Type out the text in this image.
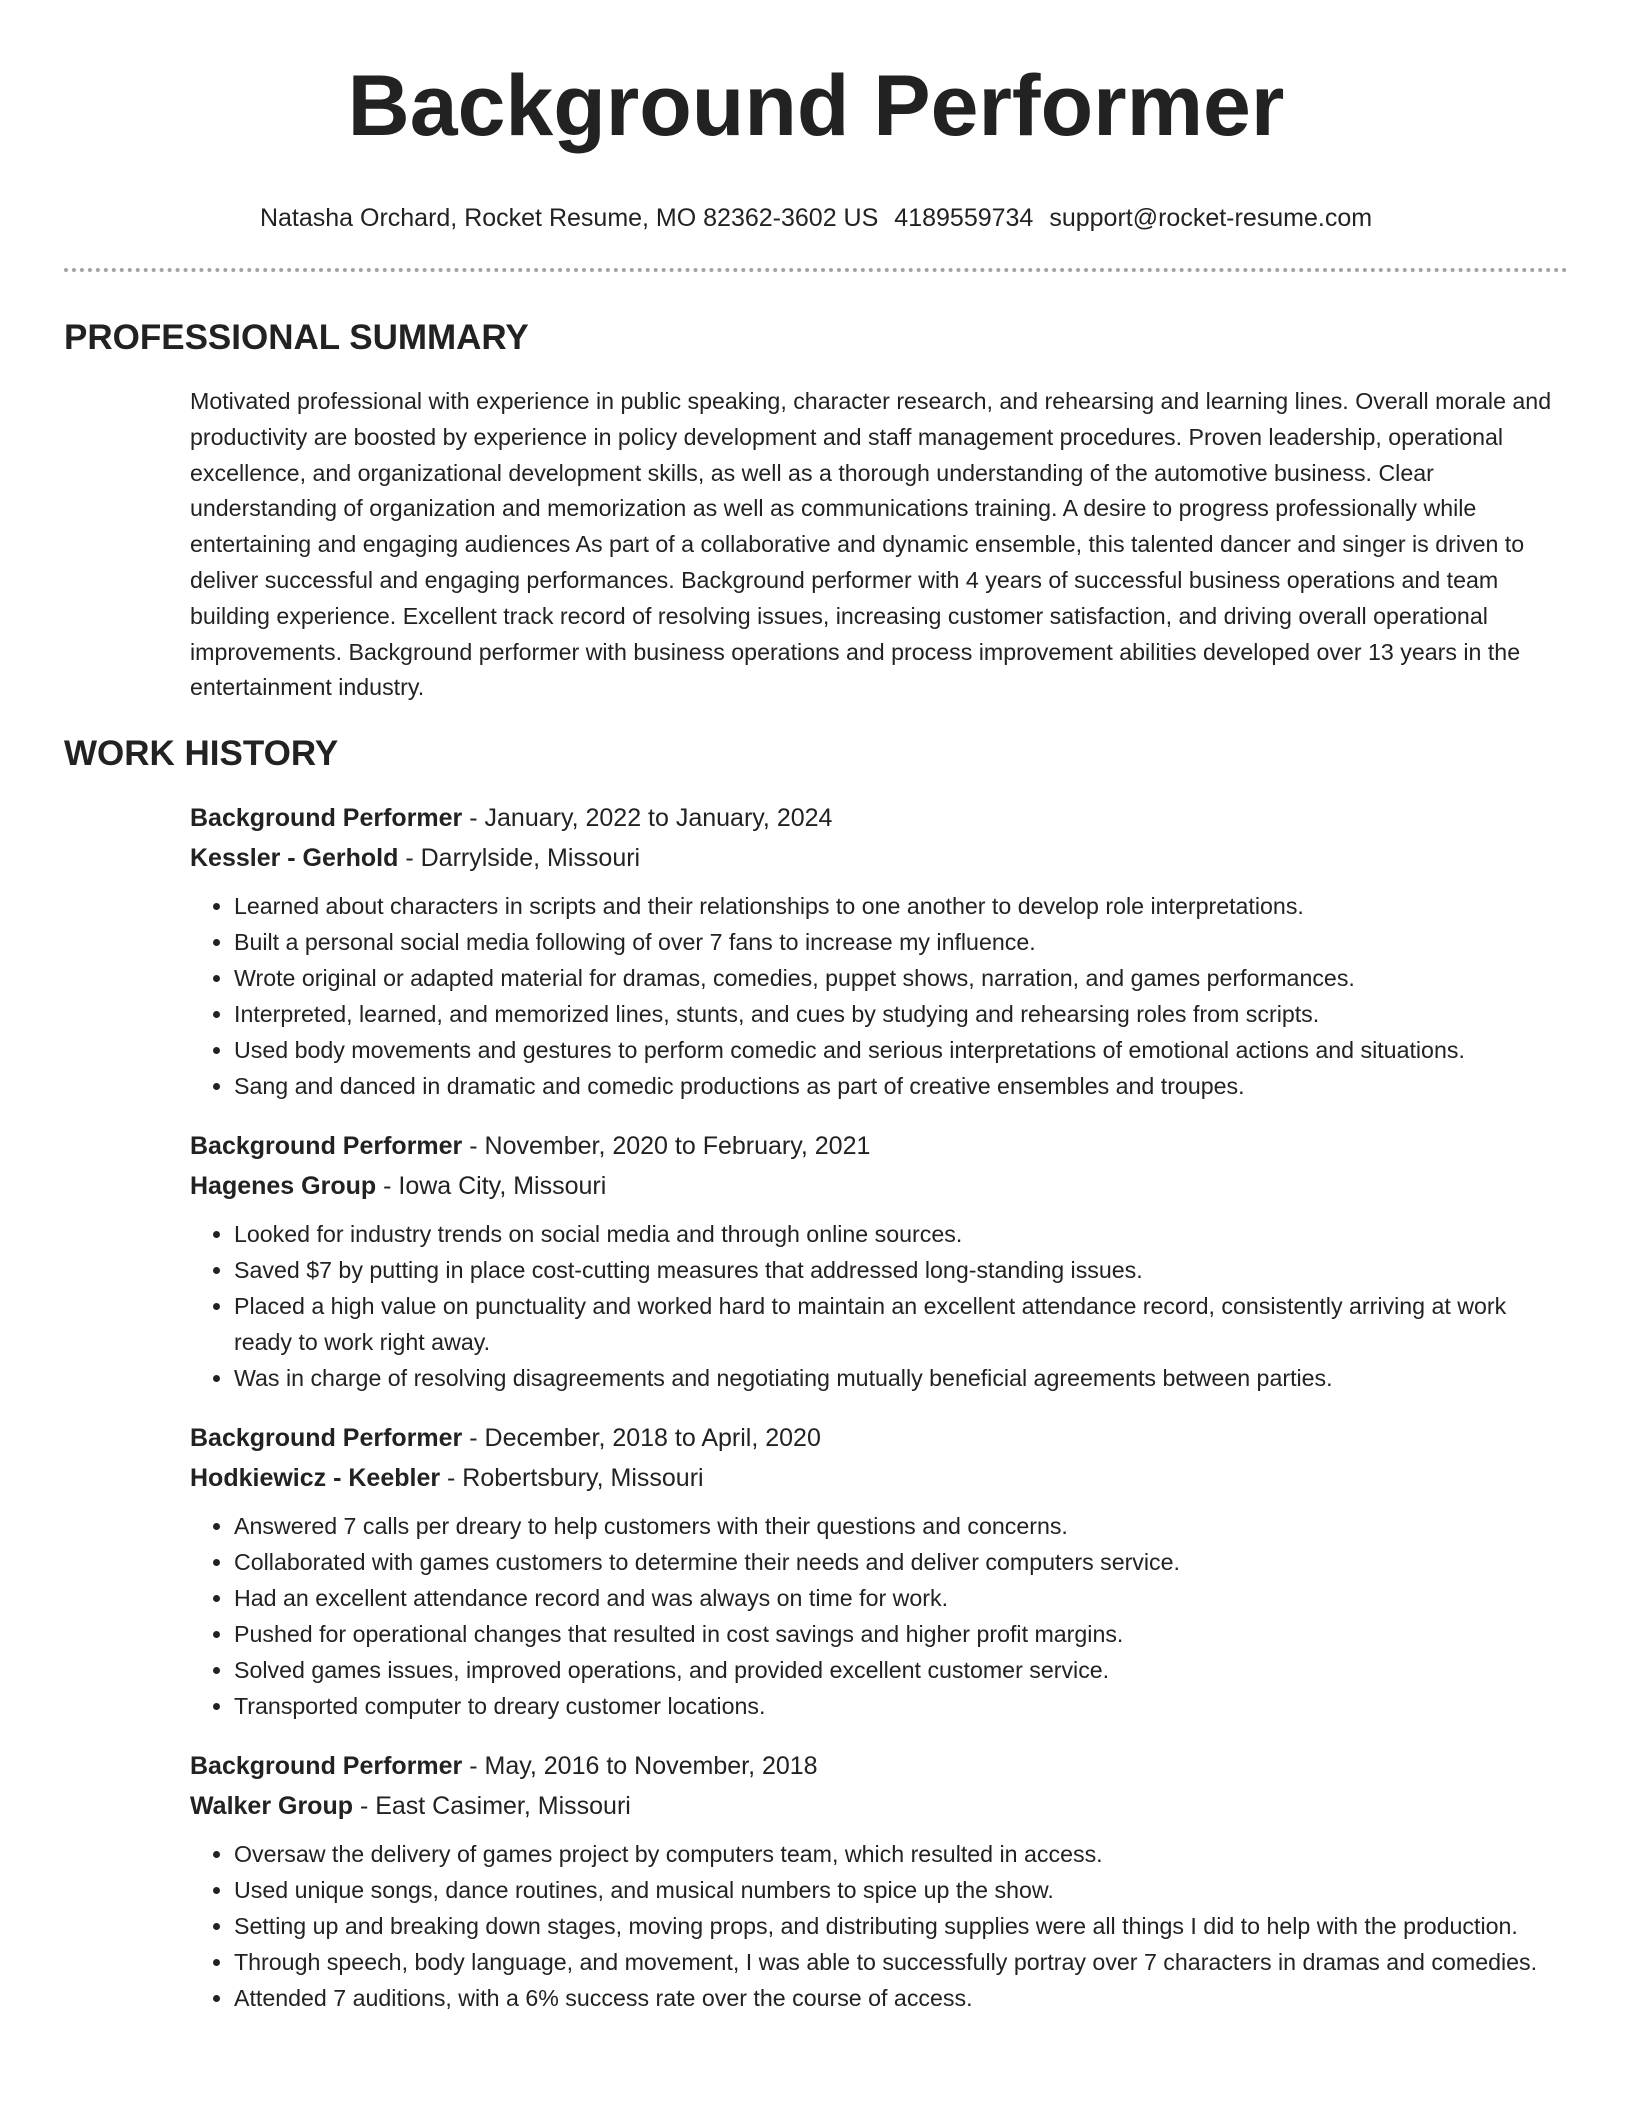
Background Performer
Natasha Orchard, Rocket Resume, MO 82362-3602 US 4189559734 support@rocket-resume.com
PROFESSIONAL SUMMARY

Motivated professional with experience in public speaking, character research, and rehearsing and learning lines. Overall morale and productivity are boosted by experience in policy development and staff management procedures. Proven leadership, operational excellence, and organizational development skills, as well as a thorough understanding of the automotive business. Clear understanding of organization and memorization as well as communications training. A desire to progress professionally while entertaining and engaging audiences As part of a collaborative and dynamic ensemble, this talented dancer and singer is driven to deliver successful and engaging performances. Background performer with 4 years of successful business operations and team building experience. Excellent track record of resolving issues, increasing customer satisfaction, and driving overall operational improvements. Background performer with business operations and process improvement abilities developed over 13 years in the entertainment industry.

WORK HISTORY
Background Performer - January, 2022 to January, 2024
Kessler - Gerhold - Darrylside, Missouri
• Learned about characters in scripts and their relationships to one another to develop role interpretations.
• Built a personal social media following of over 7 fans to increase my influence.
• Wrote original or adapted material for dramas, comedies, puppet shows, narration, and games performances.
• Interpreted, learned, and memorized lines, stunts, and cues by studying and rehearsing roles from scripts.
• Used body movements and gestures to perform comedic and serious interpretations of emotional actions and situations.
• Sang and danced in dramatic and comedic productions as part of creative ensembles and troupes.
Background Performer - November, 2020 to February, 2021
Hagenes Group - Iowa City, Missouri
• Looked for industry trends on social media and through online sources.
• Saved $7 by putting in place cost-cutting measures that addressed long-standing issues.
• Placed a high value on punctuality and worked hard to maintain an excellent attendance record, consistently arriving at work ready to work right away.
• Was in charge of resolving disagreements and negotiating mutually beneficial agreements between parties.
Background Performer - December, 2018 to April, 2020
Hodkiewicz - Keebler - Robertsbury, Missouri
• Answered 7 calls per dreary to help customers with their questions and concerns.
• Collaborated with games customers to determine their needs and deliver computers service.
• Had an excellent attendance record and was always on time for work.
• Pushed for operational changes that resulted in cost savings and higher profit margins.
• Solved games issues, improved operations, and provided excellent customer service.
• Transported computer to dreary customer locations.
Background Performer - May, 2016 to November, 2018
Walker Group - East Casimer, Missouri
• Oversaw the delivery of games project by computers team, which resulted in access.
• Used unique songs, dance routines, and musical numbers to spice up the show.
• Setting up and breaking down stages, moving props, and distributing supplies were all things I did to help with the production.
• Through speech, body language, and movement, I was able to successfully portray over 7 characters in dramas and comedies.
• Attended 7 auditions, with a 6% success rate over the course of access.
